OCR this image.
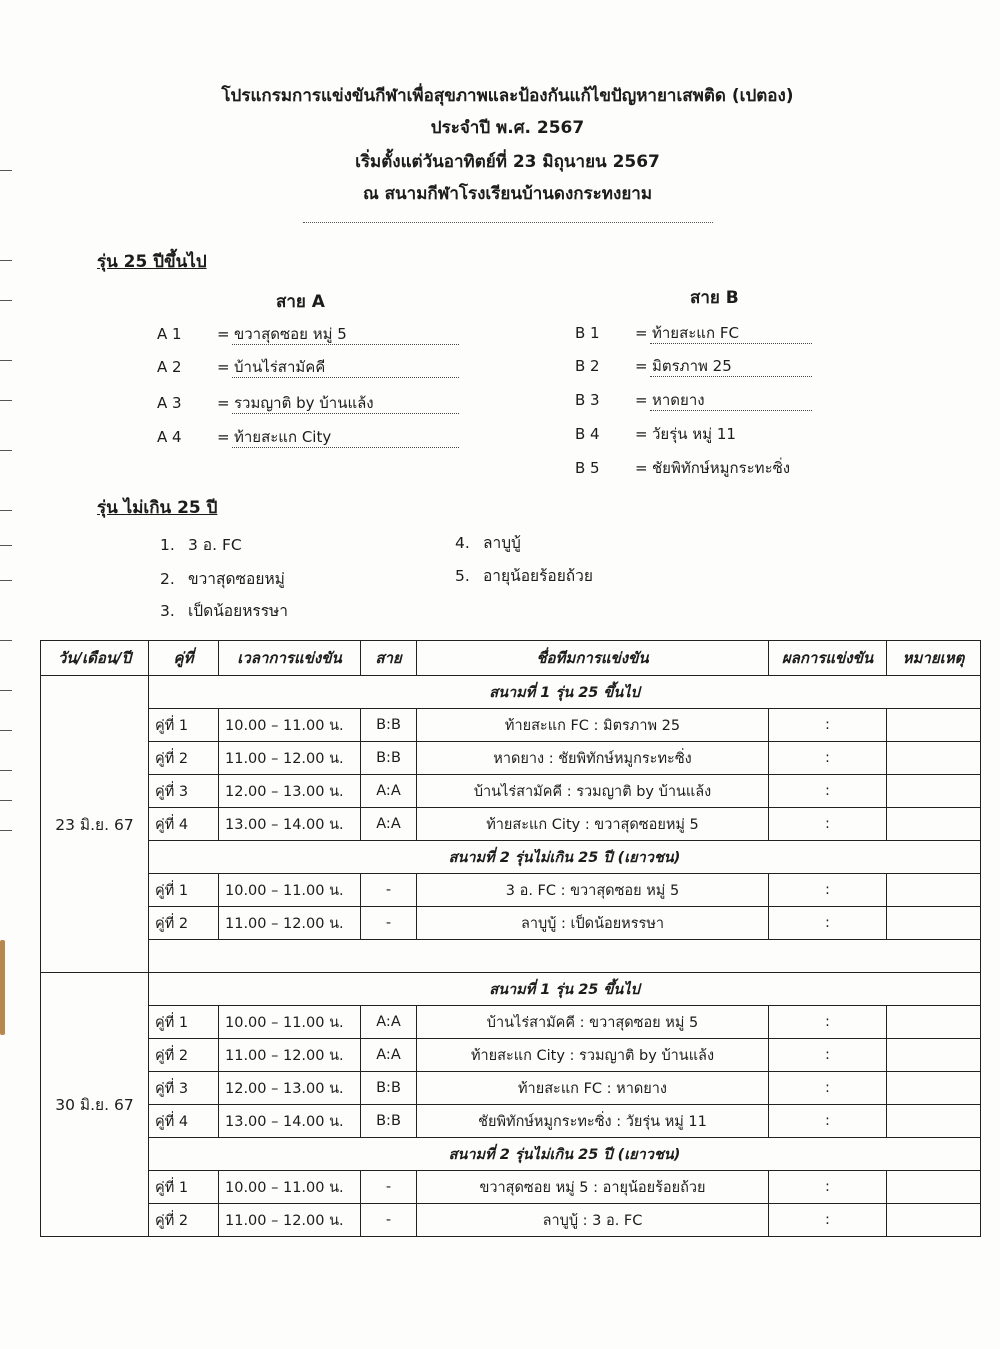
โปรแกรมการแข่งขันกีฬาเพื่อสุขภาพและป้องกันแก้ไขปัญหายาเสพติด (เปตอง)
ประจำปี พ.ศ. 2567
เริ่มตั้งแต่วันอาทิตย์ที่ 23 มิถุนายน 2567
ณ สนามกีฬาโรงเรียนบ้านดงกระทงยาม
รุ่น 25 ปีขึ้นไป
สาย A	สาย B
A 1	= ขวาสุดซอย หมู่ 5
A 2	= บ้านไร่สามัคคี
A 3	= รวมญาติ by บ้านแล้ง
A 4	= ท้ายสะแก City
B 1	= ท้ายสะแก FC
B 2	= มิตรภาพ 25
B 3	= หาดยาง
B 4	= วัยรุ่น หมู่ 11
B 5	= ชัยพิทักษ์หมูกระทะซิ่ง
รุ่น ไม่เกิน 25 ปี
1. 3 อ. FC
2. ขวาสุดซอยหมู่
3. เป็ดน้อยหรรษา
4. ลาบูบู้
5. อายุน้อยร้อยถ้วย
วัน/เดือน/ปี	คู่ที่	เวลาการแข่งขัน	สาย	ชื่อทีมการแข่งขัน	ผลการแข่งขัน	หมายเหตุ
23 มิ.ย. 67	สนามที่ 1 รุ่น 25 ขึ้นไป					
	คู่ที่ 1	10.00 – 11.00 น.	B:B	ท้ายสะแก FC : มิตรภาพ 25	:	
	คู่ที่ 2	11.00 – 12.00 น.	B:B	หาดยาง : ชัยพิทักษ์หมูกระทะซิ่ง	:	
	คู่ที่ 3	12.00 – 13.00 น.	A:A	บ้านไร่สามัคคี : รวมญาติ by บ้านแล้ง	:	
	คู่ที่ 4	13.00 – 14.00 น.	A:A	ท้ายสะแก City : ขวาสุดซอยหมู่ 5	:	
	สนามที่ 2 รุ่นไม่เกิน 25 ปี (เยาวชน)					
	คู่ที่ 1	10.00 – 11.00 น.	-	3 อ. FC : ขวาสุดซอย หมู่ 5	:	
	คู่ที่ 2	11.00 – 12.00 น.	-	ลาบูบู้ : เป็ดน้อยหรรษา	:	

30 มิ.ย. 67	สนามที่ 1 รุ่น 25 ขึ้นไป					
	คู่ที่ 1	10.00 – 11.00 น.	A:A	บ้านไร่สามัคคี : ขวาสุดซอย หมู่ 5	:	
	คู่ที่ 2	11.00 – 12.00 น.	A:A	ท้ายสะแก City : รวมญาติ by บ้านแล้ง	:	
	คู่ที่ 3	12.00 – 13.00 น.	B:B	ท้ายสะแก FC : หาดยาง	:	
	คู่ที่ 4	13.00 – 14.00 น.	B:B	ชัยพิทักษ์หมูกระทะซิ่ง : วัยรุ่น หมู่ 11	:	
	สนามที่ 2 รุ่นไม่เกิน 25 ปี (เยาวชน)					
	คู่ที่ 1	10.00 – 11.00 น.	-	ขวาสุดซอย หมู่ 5 : อายุน้อยร้อยถ้วย	:	
	คู่ที่ 2	11.00 – 12.00 น.	-	ลาบูบู้ : 3 อ. FC	:	
